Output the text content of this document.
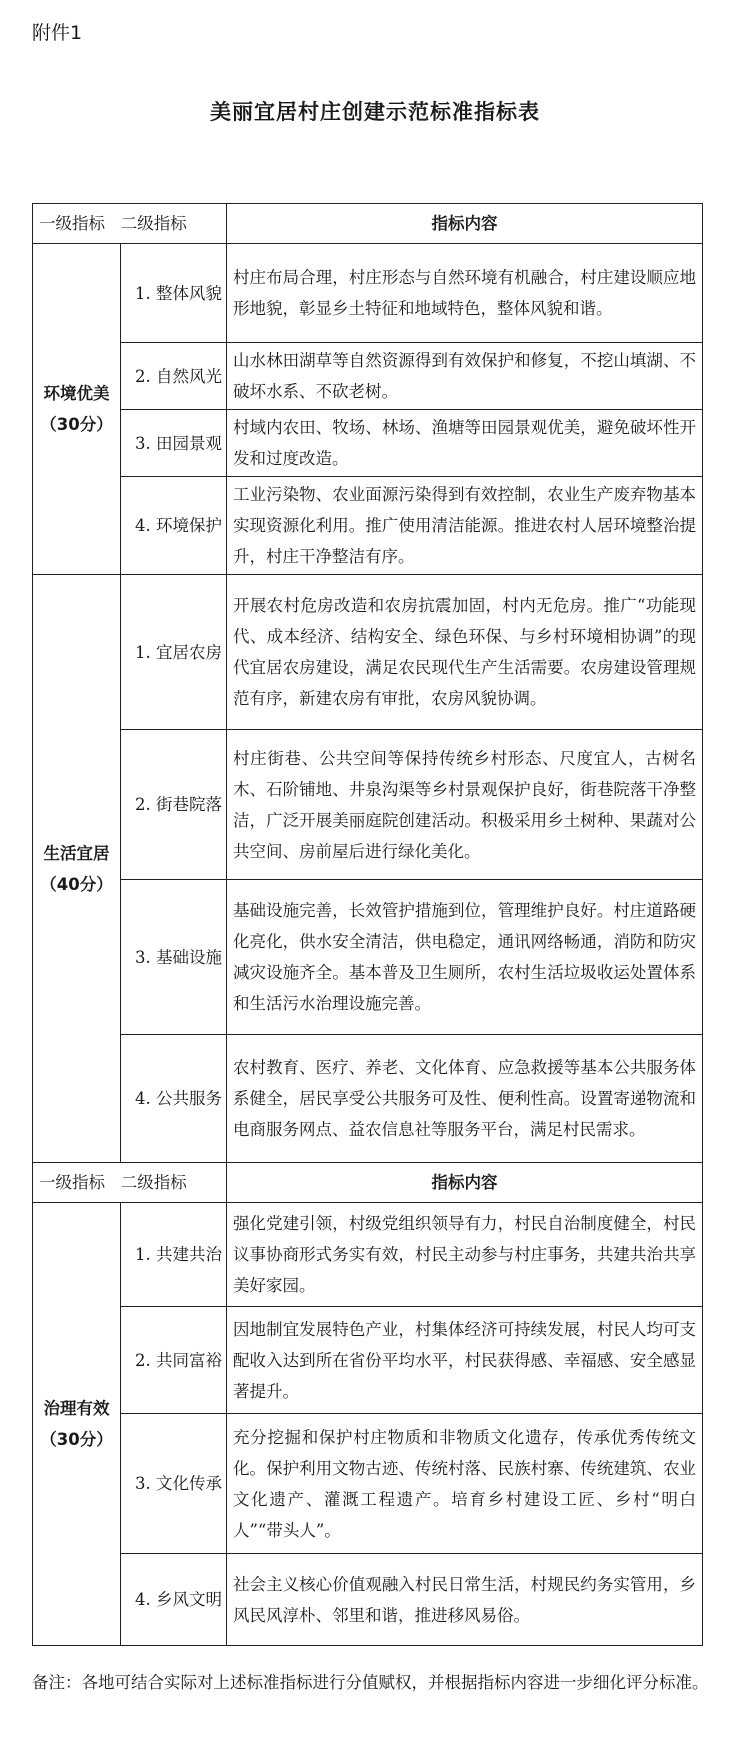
附件1
美丽宜居村庄创建示范标准指标表
一级指标 二级指标		指标内容

环境优美
（30分）	1. 整体风貌	村庄布局合理，村庄形态与自然环境有机融合，村庄建设顺应地形地貌，彰显乡土特征和地域特色，整体风貌和谐。
	2. 自然风光	山水林田湖草等自然资源得到有效保护和修复，不挖山填湖、不破坏水系、不砍老树。
	3. 田园景观	村域内农田、牧场、林场、渔塘等田园景观优美，避免破坏性开发和过度改造。
	4. 环境保护	工业污染物、农业面源污染得到有效控制，农业生产废弃物基本实现资源化利用。推广使用清洁能源。推进农村人居环境整治提升，村庄干净整洁有序。

生活宜居
（40分）	1. 宜居农房	开展农村危房改造和农房抗震加固，村内无危房。推广“功能现代、成本经济、结构安全、绿色环保、与乡村环境相协调”的现代宜居农房建设，满足农民现代生产生活需要。农房建设管理规范有序，新建农房有审批，农房风貌协调。
	2. 街巷院落	村庄街巷、公共空间等保持传统乡村形态、尺度宜人，古树名木、石阶铺地、井泉沟渠等乡村景观保护良好，街巷院落干净整洁，广泛开展美丽庭院创建活动。积极采用乡土树种、果蔬对公共空间、房前屋后进行绿化美化。
	3. 基础设施	基础设施完善，长效管护措施到位，管理维护良好。村庄道路硬化亮化，供水安全清洁，供电稳定，通讯网络畅通，消防和防灾减灾设施齐全。基本普及卫生厕所，农村生活垃圾收运处置体系和生活污水治理设施完善。
	4. 公共服务	农村教育、医疗、养老、文化体育、应急救援等基本公共服务体系健全，居民享受公共服务可及性、便利性高。设置寄递物流和电商服务网点、益农信息社等服务平台，满足村民需求。
一级指标 二级指标		指标内容

治理有效
（30分）	1. 共建共治	强化党建引领，村级党组织领导有力，村民自治制度健全，村民议事协商形式务实有效，村民主动参与村庄事务，共建共治共享美好家园。
	2. 共同富裕	因地制宜发展特色产业，村集体经济可持续发展，村民人均可支配收入达到所在省份平均水平，村民获得感、幸福感、安全感显著提升。
	3. 文化传承	充分挖掘和保护村庄物质和非物质文化遗存，传承优秀传统文化。保护利用文物古迹、传统村落、民族村寨、传统建筑、农业文化遗产、灌溉工程遗产。培育乡村建设工匠、乡村“明白人”“带头人”。
	4. 乡风文明	社会主义核心价值观融入村民日常生活，村规民约务实管用，乡风民风淳朴、邻里和谐，推进移风易俗。
备注：各地可结合实际对上述标准指标进行分值赋权，并根据指标内容进一步细化评分标准。
